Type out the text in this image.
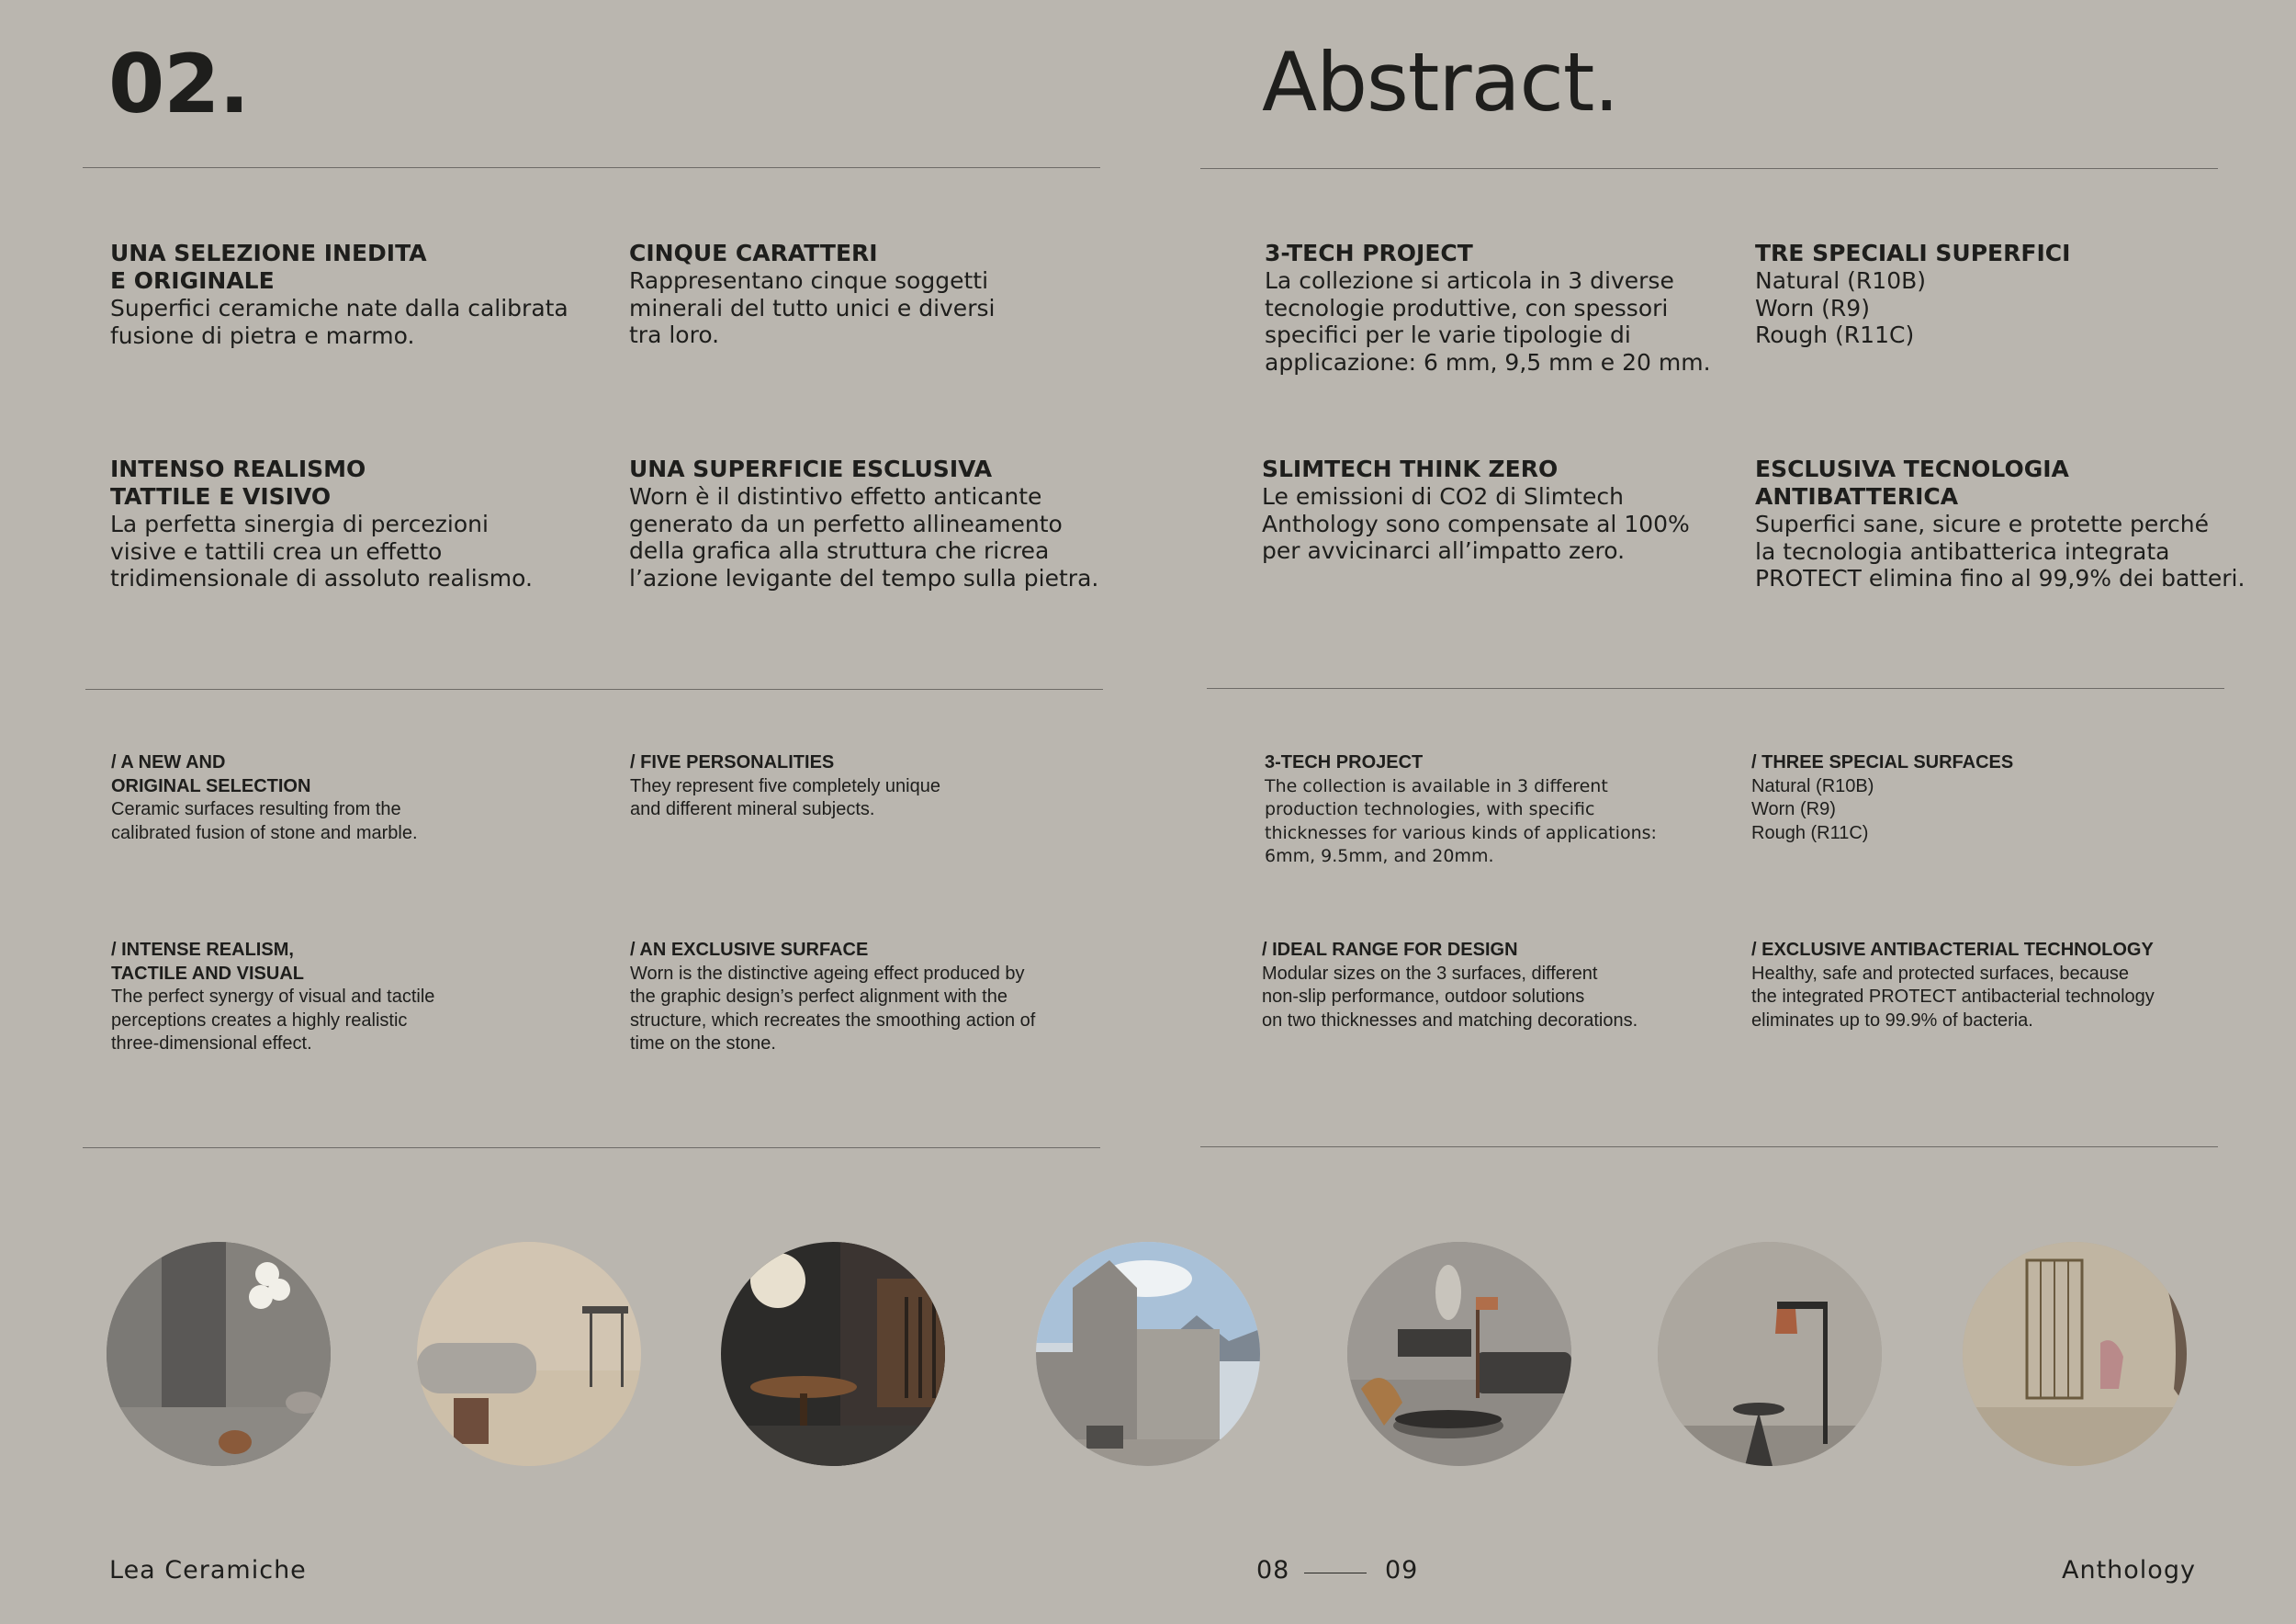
02.	Abstract.
UNA SELEZIONE INEDITA
E ORIGINALE
Superfici ceramiche nate dalla calibrata
fusione di pietra e marmo.
CINQUE CARATTERI
Rappresentano cinque soggetti
minerali del tutto unici e diversi
tra loro.
3-TECH PROJECT
La collezione si articola in 3 diverse
tecnologie produttive, con spessori
specifici per le varie tipologie di
applicazione: 6 mm, 9,5 mm e 20 mm.
TRE SPECIALI SUPERFICI
Natural (R10B)
Worn (R9)
Rough (R11C)
INTENSO REALISMO
TATTILE E VISIVO
La perfetta sinergia di percezioni
visive e tattili crea un effetto
tridimensionale di assoluto realismo.
UNA SUPERFICIE ESCLUSIVA
Worn è il distintivo effetto anticante
generato da un perfetto allineamento
della grafica alla struttura che ricrea
l’azione levigante del tempo sulla pietra.
SLIMTECH THINK ZERO
Le emissioni di CO2 di Slimtech
Anthology sono compensate al 100%
per avvicinarci all’impatto zero.
ESCLUSIVA TECNOLOGIA
ANTIBATTERICA
Superfici sane, sicure e protette perché
la tecnologia antibatterica integrata
PROTECT elimina fino al 99,9% dei batteri.
/ A NEW AND
ORIGINAL SELECTION
Ceramic surfaces resulting from the
calibrated fusion of stone and marble.
/ FIVE PERSONALITIES
They represent five completely unique
and different mineral subjects.
3-TECH PROJECT
The collection is available in 3 different
production technologies, with specific
thicknesses for various kinds of applications:
6mm, 9.5mm, and 20mm.
/ THREE SPECIAL SURFACES
Natural (R10B)
Worn (R9)
Rough (R11C)
/ INTENSE REALISM,
TACTILE AND VISUAL
The perfect synergy of visual and tactile
perceptions creates a highly realistic
three-dimensional effect.
/ AN EXCLUSIVE SURFACE
Worn is the distinctive ageing effect produced by
the graphic design’s perfect alignment with the
structure, which recreates the smoothing action of
time on the stone.
/ IDEAL RANGE FOR DESIGN
Modular sizes on the 3 surfaces, different
non-slip performance, outdoor solutions
on two thicknesses and matching decorations.
/ EXCLUSIVE ANTIBACTERIAL TECHNOLOGY
Healthy, safe and protected surfaces, because
the integrated PROTECT antibacterial technology
eliminates up to 99.9% of bacteria.
Lea Ceramiche	08	09	Anthology
